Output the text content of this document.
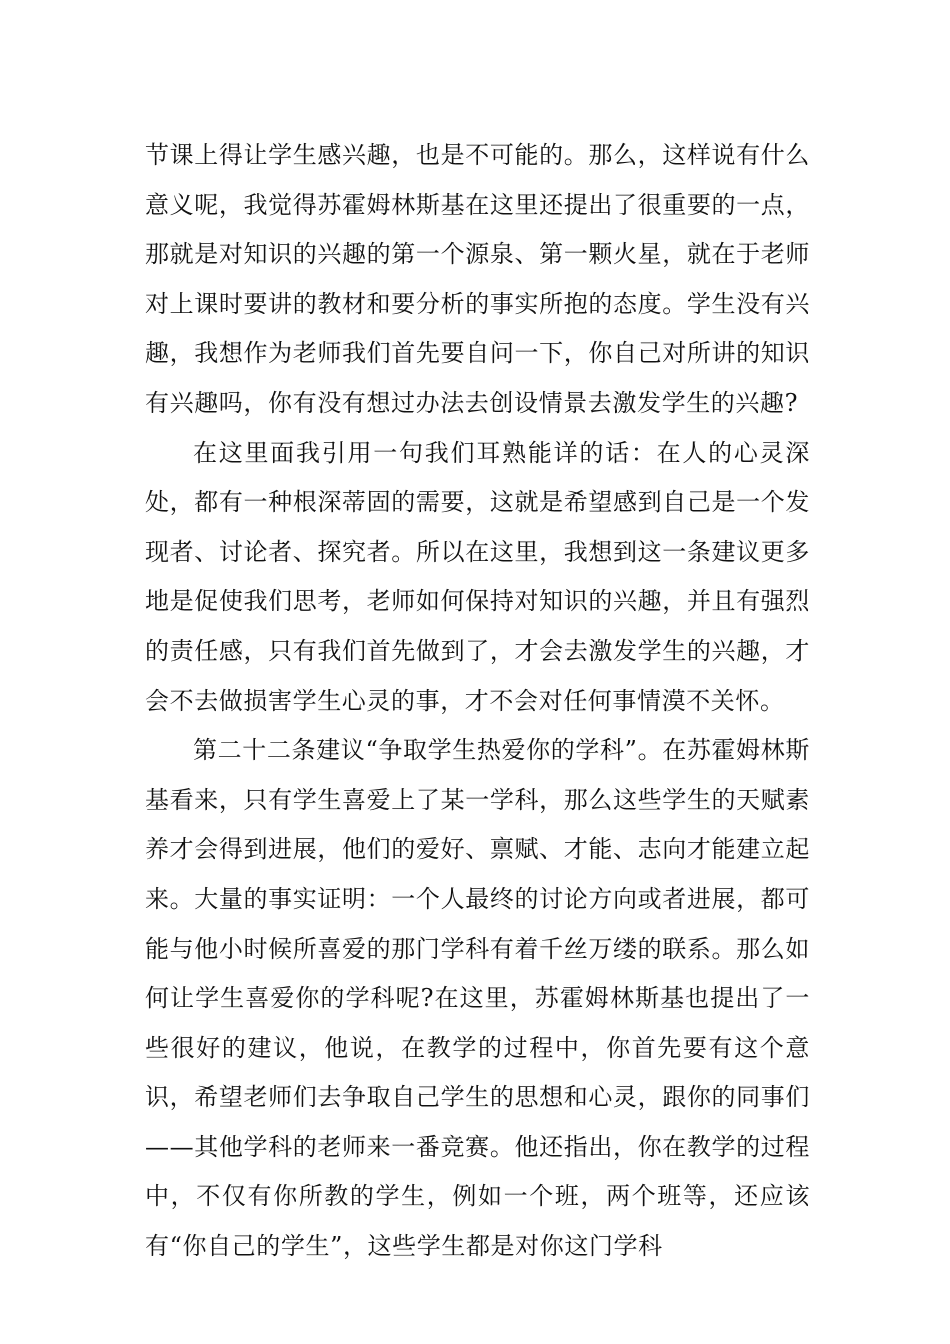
节课上得让学生感兴趣，也是不可能的。那么，这样说有什么意义呢，我觉得苏霍姆林斯基在这里还提出了很重要的一点，那就是对知识的兴趣的第一个源泉、第一颗火星，就在于老师对上课时要讲的教材和要分析的事实所抱的态度。学生没有兴趣，我想作为老师我们首先要自问一下，你自己对所讲的知识有兴趣吗，你有没有想过办法去创设情景去激发学生的兴趣?

在这里面我引用一句我们耳熟能详的话：在人的心灵深处，都有一种根深蒂固的需要，这就是希望感到自己是一个发现者、讨论者、探究者。所以在这里，我想到这一条建议更多地是促使我们思考，老师如何保持对知识的兴趣，并且有强烈的责任感，只有我们首先做到了，才会去激发学生的兴趣，才会不去做损害学生心灵的事，才不会对任何事情漠不关怀。

第二十二条建议“争取学生热爱你的学科”。在苏霍姆林斯基看来，只有学生喜爱上了某一学科，那么这些学生的天赋素养才会得到进展，他们的爱好、禀赋、才能、志向才能建立起来。大量的事实证明：一个人最终的讨论方向或者进展，都可能与他小时候所喜爱的那门学科有着千丝万缕的联系。那么如何让学生喜爱你的学科呢?在这里，苏霍姆林斯基也提出了一些很好的建议，他说，在教学的过程中，你首先要有这个意识，希望老师们去争取自己学生的思想和心灵，跟你的同事们——其他学科的老师来一番竞赛。他还指出，你在教学的过程中，不仅有你所教的学生，例如一个班，两个班等，还应该有“你自己的学生”，这些学生都是对你这门学科
